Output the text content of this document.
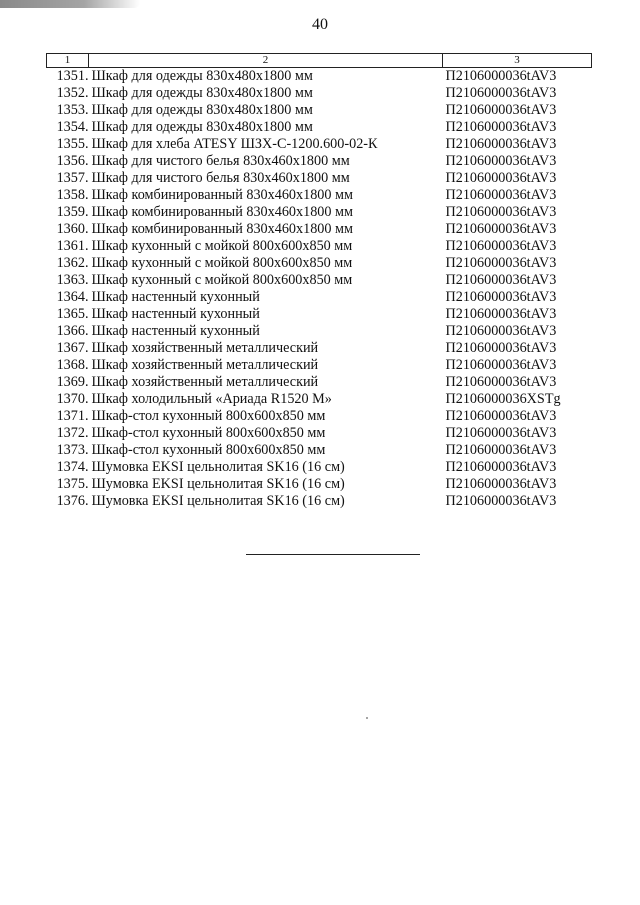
40
1	2	3
1351.	Шкаф для одежды 830х480х1800 мм	П2106000036tAV3
1352.	Шкаф для одежды 830х480х1800 мм	П2106000036tAV3
1353.	Шкаф для одежды 830х480х1800 мм	П2106000036tAV3
1354.	Шкаф для одежды 830х480х1800 мм	П2106000036tAV3
1355.	Шкаф для хлеба ATESY ШЗХ-С-1200.600-02-К	П2106000036tAV3
1356.	Шкаф для чистого белья 830х460х1800 мм	П2106000036tAV3
1357.	Шкаф для чистого белья 830х460х1800 мм	П2106000036tAV3
1358.	Шкаф комбинированный 830х460х1800 мм	П2106000036tAV3
1359.	Шкаф комбинированный 830х460х1800 мм	П2106000036tAV3
1360.	Шкаф комбинированный 830х460х1800 мм	П2106000036tAV3
1361.	Шкаф кухонный с мойкой 800х600х850 мм	П2106000036tAV3
1362.	Шкаф кухонный с мойкой 800х600х850 мм	П2106000036tAV3
1363.	Шкаф кухонный с мойкой 800х600х850 мм	П2106000036tAV3
1364.	Шкаф настенный кухонный	П2106000036tAV3
1365.	Шкаф настенный кухонный	П2106000036tAV3
1366.	Шкаф настенный кухонный	П2106000036tAV3
1367.	Шкаф хозяйственный металлический	П2106000036tAV3
1368.	Шкаф хозяйственный металлический	П2106000036tAV3
1369.	Шкаф хозяйственный металлический	П2106000036tAV3
1370.	Шкаф холодильный «Ариада R1520 М»	П2106000036XSTg
1371.	Шкаф-стол кухонный 800х600х850 мм	П2106000036tAV3
1372.	Шкаф-стол кухонный 800х600х850 мм	П2106000036tAV3
1373.	Шкаф-стол кухонный 800х600х850 мм	П2106000036tAV3
1374.	Шумовка EKSI цельнолитая SK16 (16 см)	П2106000036tAV3
1375.	Шумовка EKSI цельнолитая SK16 (16 см)	П2106000036tAV3
1376.	Шумовка EKSI цельнолитая SK16 (16 см)	П2106000036tAV3
